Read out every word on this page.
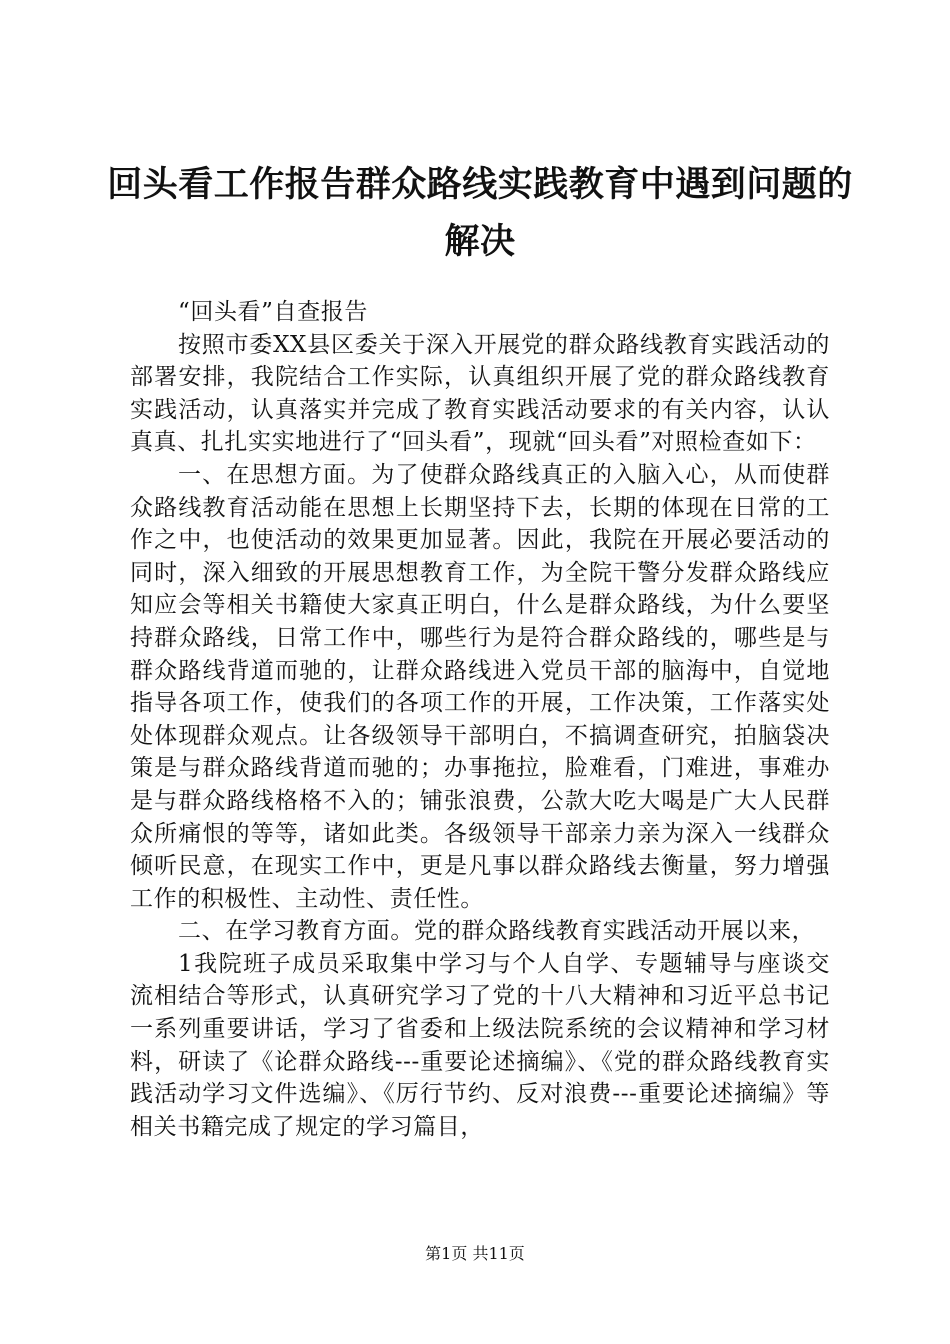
回头看工作报告群众路线实践教育中遇到问题的解决

“回头看”自查报告

按照市委XX县区委关于深入开展党的群众路线教育实践活动的部署安排，我院结合工作实际，认真组织开展了党的群众路线教育实践活动，认真落实并完成了教育实践活动要求的有关内容，认认真真、扎扎实实地进行了“回头看”，现就“回头看”对照检查如下：

一、在思想方面。为了使群众路线真正的入脑入心，从而使群众路线教育活动能在思想上长期坚持下去，长期的体现在日常的工作之中，也使活动的效果更加显著。因此，我院在开展必要活动的同时，深入细致的开展思想教育工作，为全院干警分发群众路线应知应会等相关书籍使大家真正明白，什么是群众路线，为什么要坚持群众路线，日常工作中，哪些行为是符合群众路线的，哪些是与群众路线背道而驰的，让群众路线进入党员干部的脑海中，自觉地指导各项工作，使我们的各项工作的开展，工作决策，工作落实处处体现群众观点。让各级领导干部明白，不搞调查研究，拍脑袋决策是与群众路线背道而驰的；办事拖拉，脸难看，门难进，事难办是与群众路线格格不入的；铺张浪费，公款大吃大喝是广大人民群众所痛恨的等等，诸如此类。各级领导干部亲力亲为深入一线群众倾听民意，在现实工作中，更是凡事以群众路线去衡量，努力增强工作的积极性、主动性、责任性。

二、在学习教育方面。党的群众路线教育实践活动开展以来，

1我院班子成员采取集中学习与个人自学、专题辅导与座谈交流相结合等形式，认真研究学习了党的十八大精神和习近平总书记一系列重要讲话，学习了省委和上级法院系统的会议精神和学习材料，研读了《论群众路线---重要论述摘编》、《党的群众路线教育实践活动学习文件选编》、《厉行节约、反对浪费---重要论述摘编》等相关书籍完成了规定的学习篇目，

第1页 共11页
